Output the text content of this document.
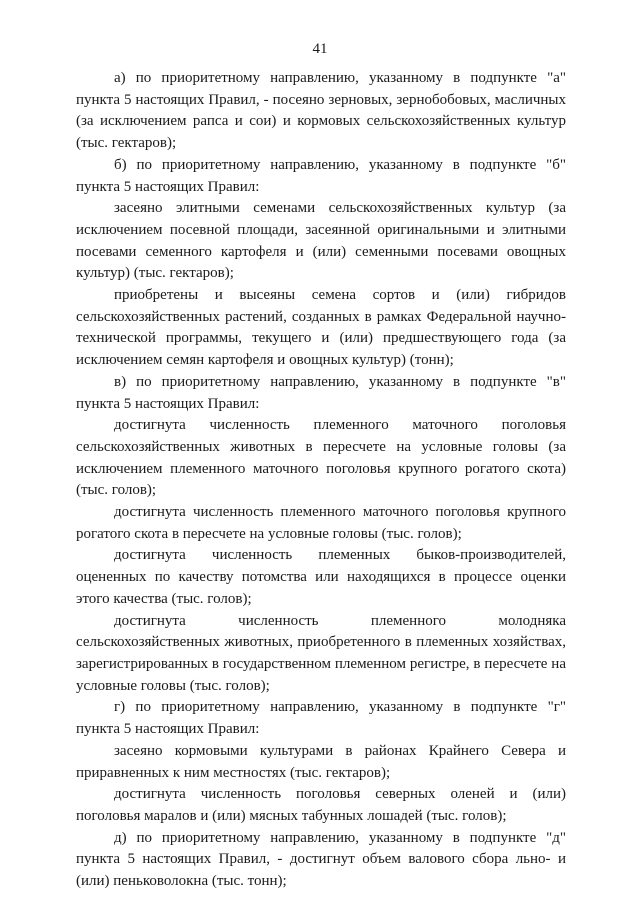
41

а) по приоритетному направлению, указанному в подпункте "а" пункта 5 настоящих Правил, - посеяно зерновых, зернобобовых, масличных (за исключением рапса и сои) и кормовых сельскохозяйственных культур (тыс. гектаров);

б) по приоритетному направлению, указанному в подпункте "б" пункта 5 настоящих Правил:

засеяно элитными семенами сельскохозяйственных культур (за исключением посевной площади, засеянной оригинальными и элитными посевами семенного картофеля и (или) семенными посевами овощных культур) (тыс. гектаров);

приобретены и высеяны семена сортов и (или) гибридов сельскохозяйственных растений, созданных в рамках Федеральной научно-технической программы, текущего и (или) предшествующего года (за исключением семян картофеля и овощных культур) (тонн);

в) по приоритетному направлению, указанному в подпункте "в" пункта 5 настоящих Правил:

достигнута численность племенного маточного поголовья сельскохозяйственных животных в пересчете на условные головы (за исключением племенного маточного поголовья крупного рогатого скота) (тыс. голов);

достигнута численность племенного маточного поголовья крупного рогатого скота в пересчете на условные головы (тыс. голов);

достигнута численность племенных быков-производителей, оцененных по качеству потомства или находящихся в процессе оценки этого качества (тыс. голов);

достигнута численность племенного молодняка сельскохозяйственных животных, приобретенного в племенных хозяйствах, зарегистрированных в государственном племенном регистре, в пересчете на условные головы (тыс. голов);

г) по приоритетному направлению, указанному в подпункте "г" пункта 5 настоящих Правил:

засеяно кормовыми культурами в районах Крайнего Севера и приравненных к ним местностях (тыс. гектаров);

достигнута численность поголовья северных оленей и (или) поголовья маралов и (или) мясных табунных лошадей (тыс. голов);

д) по приоритетному направлению, указанному в подпункте "д" пункта 5 настоящих Правил, - достигнут объем валового сбора льно- и (или) пеньковолокна (тыс. тонн);
